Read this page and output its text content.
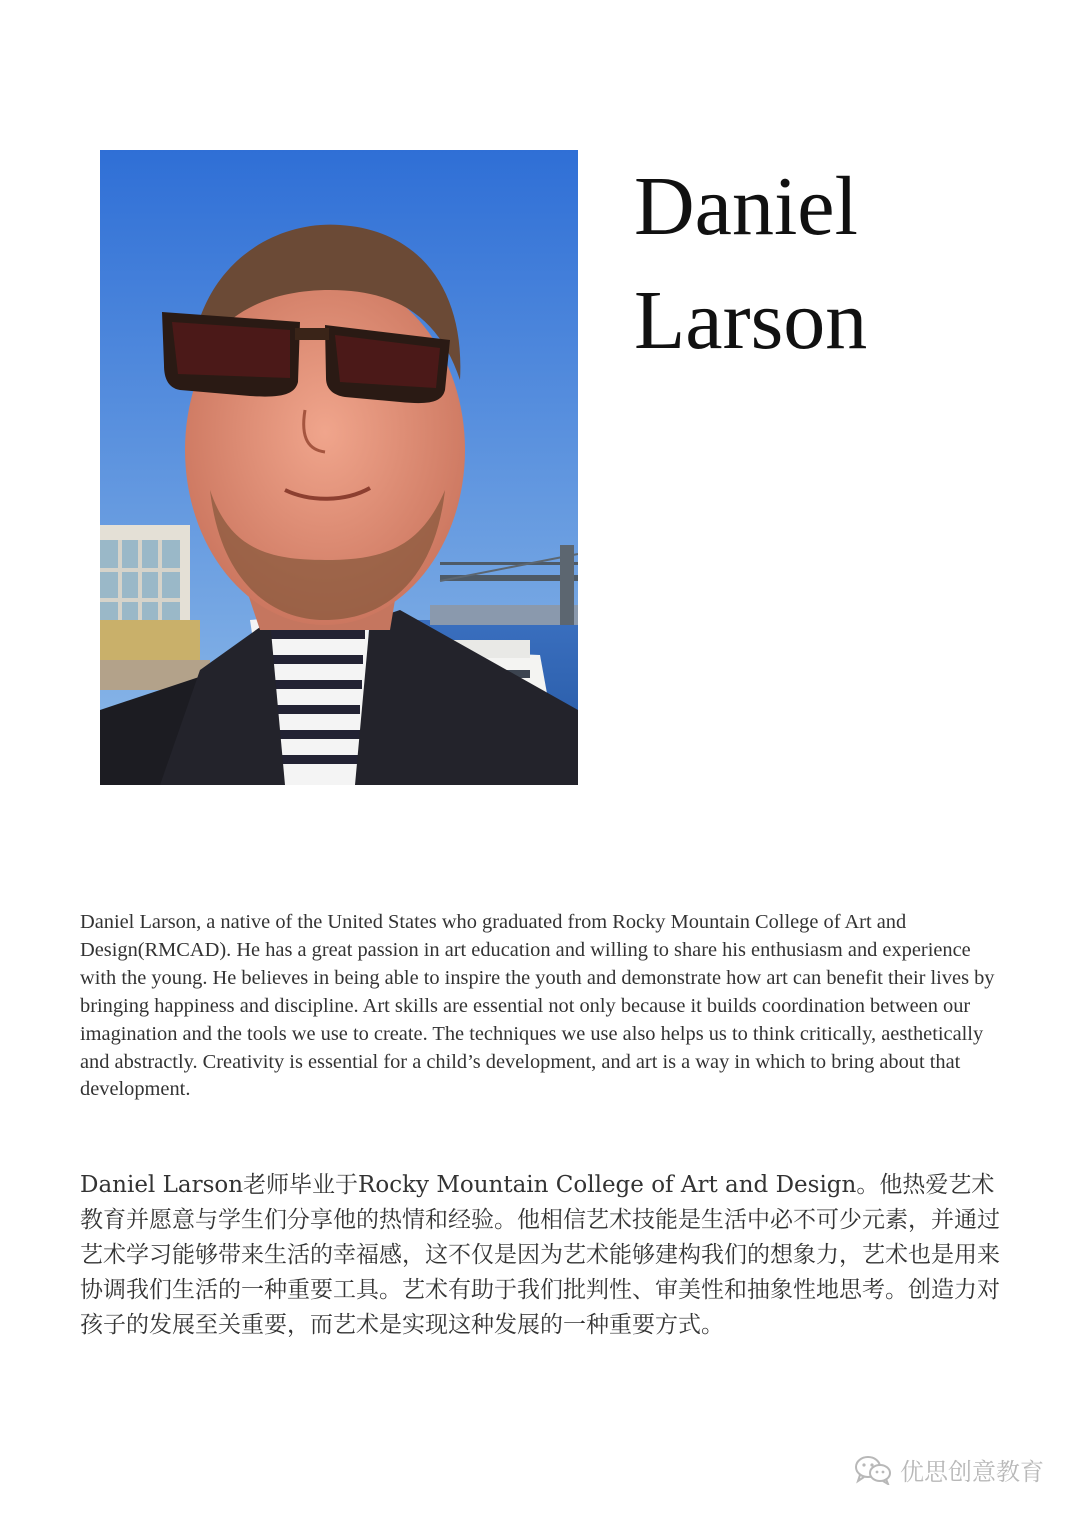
Daniel
Larson

Daniel Larson, a native of the United States who graduated from Rocky Mountain College of Art and Design(RMCAD). He has a great passion in art education and willing to share his enthusiasm and experience with the young. He believes in being able to inspire the youth and demonstrate how art can benefit their lives by bringing happiness and discipline. Art skills are essential not only because it builds coordination between our imagination and the tools we use to create. The techniques we use also helps us to think critically, aesthetically and abstractly. Creativity is essential for a child’s development, and art is a way in which to bring about that development.

Daniel Larson老师毕业于Rocky Mountain College of Art and Design。他热爱艺术教育并愿意与学生们分享他的热情和经验。他相信艺术技能是生活中必不可少元素，并通过艺术学习能够带来生活的幸福感，这不仅是因为艺术能够建构我们的想象力，艺术也是用来协调我们生活的一种重要工具。艺术有助于我们批判性、审美性和抽象性地思考。创造力对孩子的发展至关重要，而艺术是实现这种发展的一种重要方式。

优思创意教育
